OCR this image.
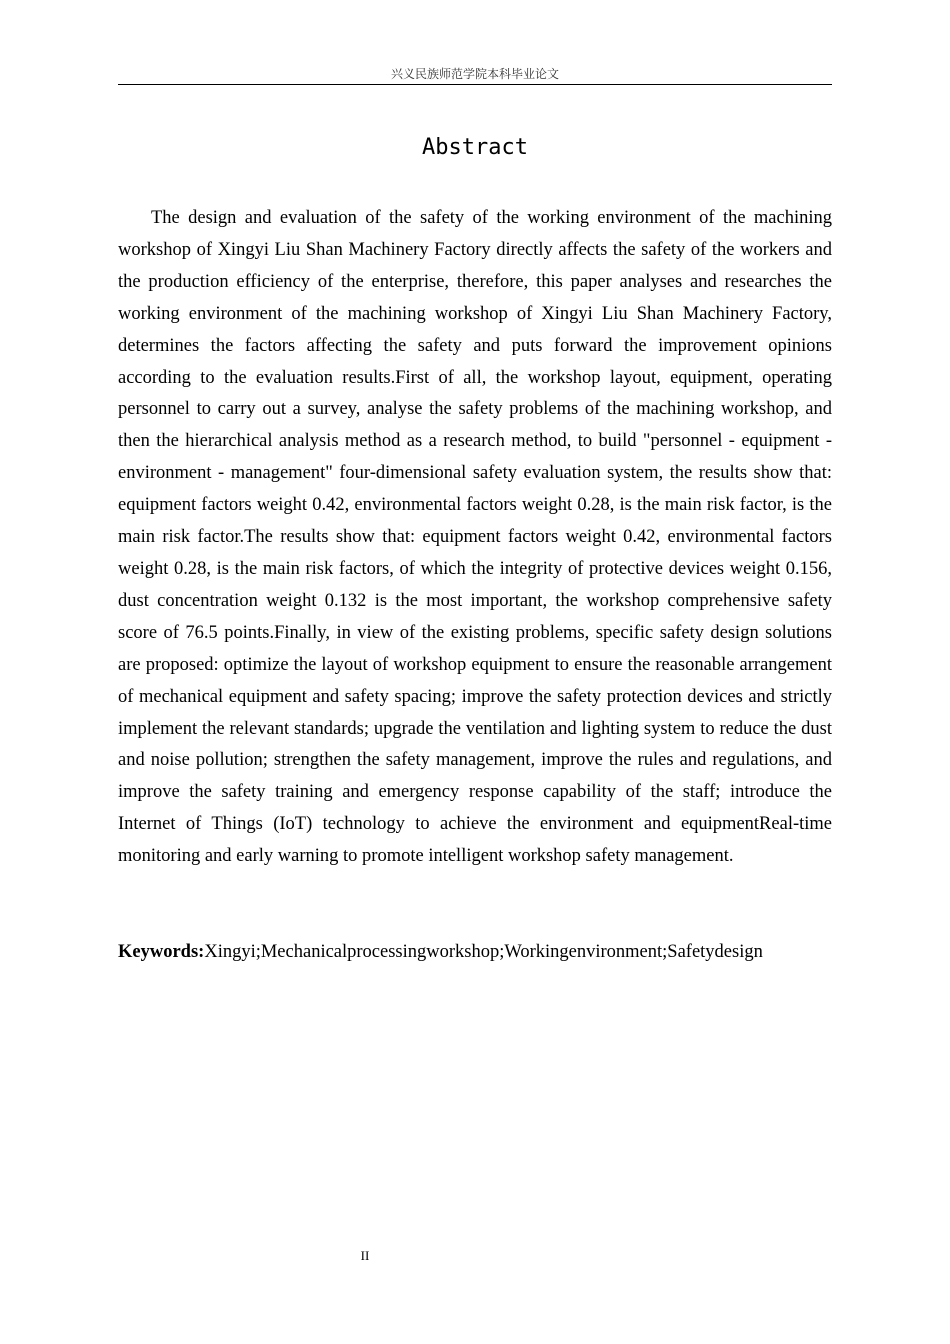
兴义民族师范学院本科毕业论文
Abstract

The design and evaluation of the safety of the working environment of the machining workshop of Xingyi Liu Shan Machinery Factory directly affects the safety of the workers and the production efficiency of the enterprise, therefore, this paper analyses and researches the working environment of the machining workshop of Xingyi Liu Shan Machinery Factory, determines the factors affecting the safety and puts forward the improvement opinions according to the evaluation results.First of all, the workshop layout, equipment, operating personnel to carry out a survey, analyse the safety problems of the machining workshop, and then the hierarchical analysis method as a research method, to build "personnel - equipment - environment - management" four-dimensional safety evaluation system, the results show that: equipment factors weight 0.42, environmental factors weight 0.28, is the main risk factor, is the main risk factor.The results show that: equipment factors weight 0.42, environmental factors weight 0.28, is the main risk factors, of which the integrity of protective devices weight 0.156, dust concentration weight 0.132 is the most important, the workshop comprehensive safety score of 76.5 points.Finally, in view of the existing problems, specific safety design solutions are proposed: optimize the layout of workshop equipment to ensure the reasonable arrangement of mechanical equipment and safety spacing; improve the safety protection devices and strictly implement the relevant standards; upgrade the ventilation and lighting system to reduce the dust and noise pollution; strengthen the safety management, improve the rules and regulations, and improve the safety training and emergency response capability of the staff; introduce the Internet of Things (IoT) technology to achieve the environment and equipmentReal-time monitoring and early warning to promote intelligent workshop safety management.

Keywords:Xingyi;Mechanicalprocessingworkshop;Workingenvironment;Safetydesign

II
